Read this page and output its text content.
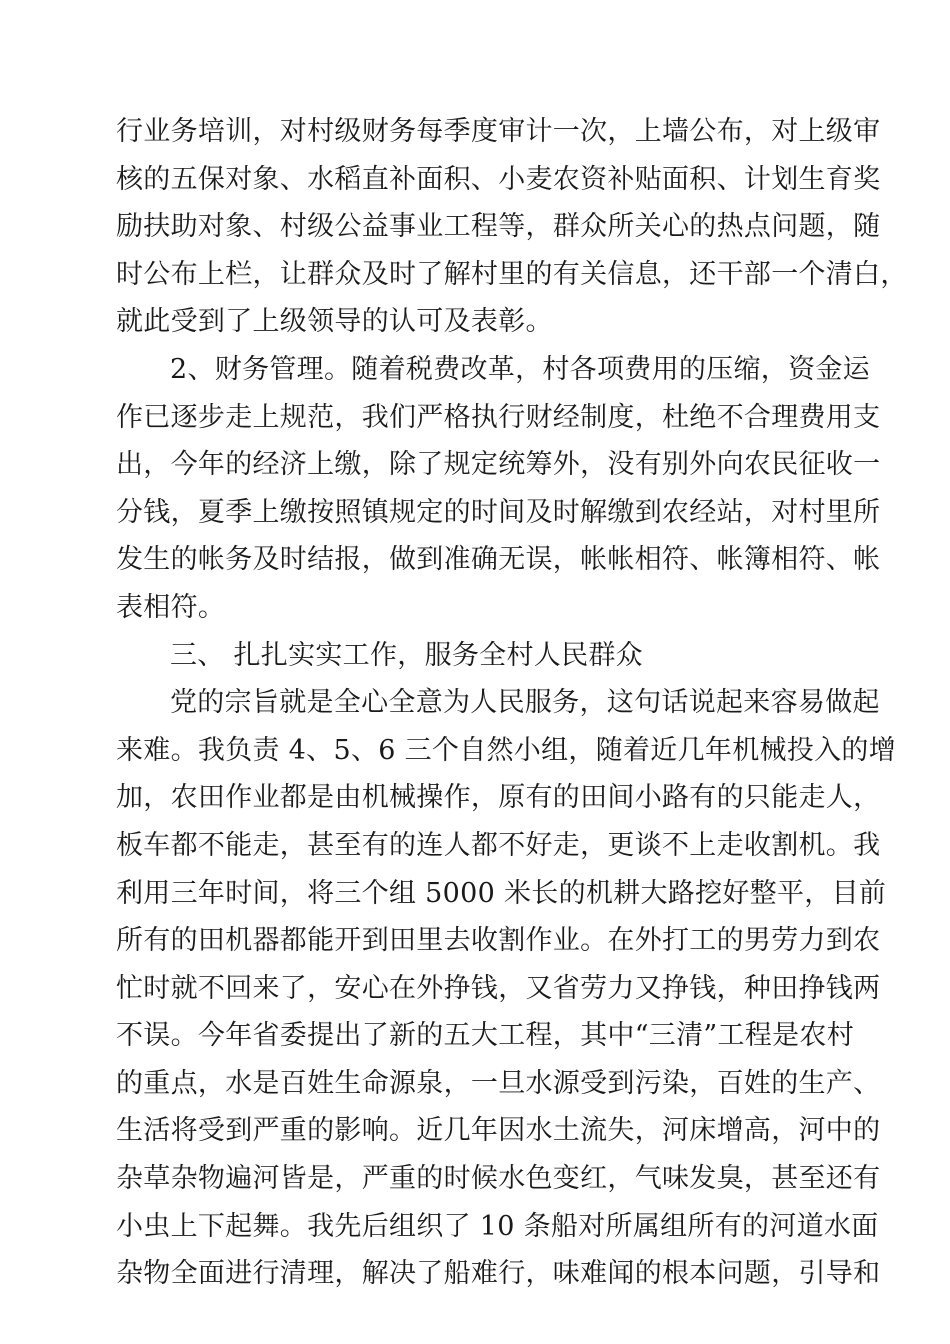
行业务培训，对村级财务每季度审计一次，上墙公布，对上级审
核的五保对象、水稻直补面积、小麦农资补贴面积、计划生育奖
励扶助对象、村级公益事业工程等，群众所关心的热点问题，随
时公布上栏，让群众及时了解村里的有关信息，还干部一个清白，
就此受到了上级领导的认可及表彰。
2、财务管理。随着税费改革，村各项费用的压缩，资金运
作已逐步走上规范，我们严格执行财经制度，杜绝不合理费用支
出，今年的经济上缴，除了规定统筹外，没有别外向农民征收一
分钱，夏季上缴按照镇规定的时间及时解缴到农经站，对村里所
发生的帐务及时结报，做到准确无误，帐帐相符、帐簿相符、帐
表相符。
三、 扎扎实实工作，服务全村人民群众
党的宗旨就是全心全意为人民服务，这句话说起来容易做起
来难。我负责 4、5、6 三个自然小组，随着近几年机械投入的增
加，农田作业都是由机械操作，原有的田间小路有的只能走人，
板车都不能走，甚至有的连人都不好走，更谈不上走收割机。我
利用三年时间，将三个组 5000 米长的机耕大路挖好整平，目前
所有的田机器都能开到田里去收割作业。在外打工的男劳力到农
忙时就不回来了，安心在外挣钱，又省劳力又挣钱，种田挣钱两
不误。今年省委提出了新的五大工程，其中“三清”工程是农村
的重点，水是百姓生命源泉，一旦水源受到污染，百姓的生产、
生活将受到严重的影响。近几年因水土流失，河床增高，河中的
杂草杂物遍河皆是，严重的时候水色变红，气味发臭，甚至还有
小虫上下起舞。我先后组织了 10 条船对所属组所有的河道水面
杂物全面进行清理，解决了船难行，味难闻的根本问题，引导和
